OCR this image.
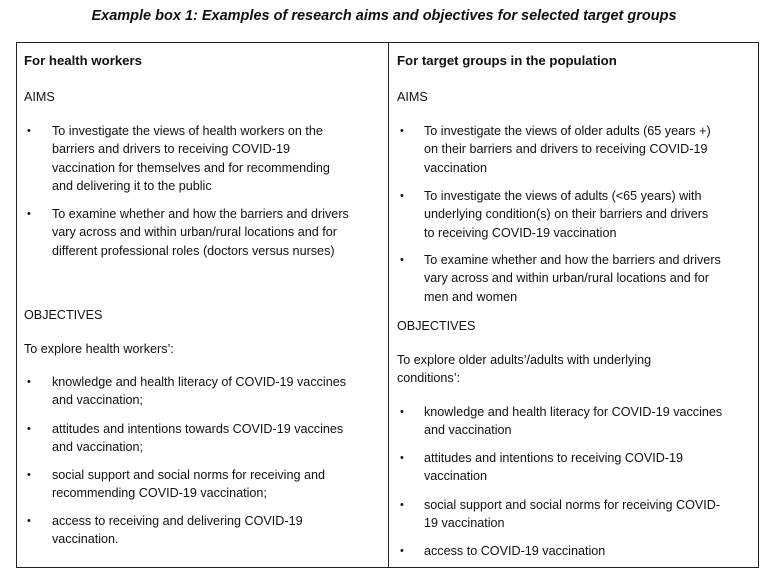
Example box 1: Examples of research aims and objectives for selected target groups
For health workers
AIMS
• To investigate the views of health workers on the
barriers and drivers to receiving COVID-19
vaccination for themselves and for recommending
and delivering it to the public
• To examine whether and how the barriers and drivers
vary across and within urban/rural locations and for
different professional roles (doctors versus nurses)
OBJECTIVES
To explore health workers’:
• knowledge and health literacy of COVID-19 vaccines
and vaccination;
• attitudes and intentions towards COVID-19 vaccines
and vaccination;
• social support and social norms for receiving and
recommending COVID-19 vaccination;
• access to receiving and delivering COVID-19
vaccination.
For target groups in the population
AIMS
• To investigate the views of older adults (65 years +)
on their barriers and drivers to receiving COVID-19
vaccination
• To investigate the views of adults (<65 years) with
underlying condition(s) on their barriers and drivers
to receiving COVID-19 vaccination
• To examine whether and how the barriers and drivers
vary across and within urban/rural locations and for
men and women
OBJECTIVES
To explore older adults’/adults with underlying
conditions’:
• knowledge and health literacy for COVID-19 vaccines
and vaccination
• attitudes and intentions to receiving COVID-19
vaccination
• social support and social norms for receiving COVID-
19 vaccination
• access to COVID-19 vaccination
